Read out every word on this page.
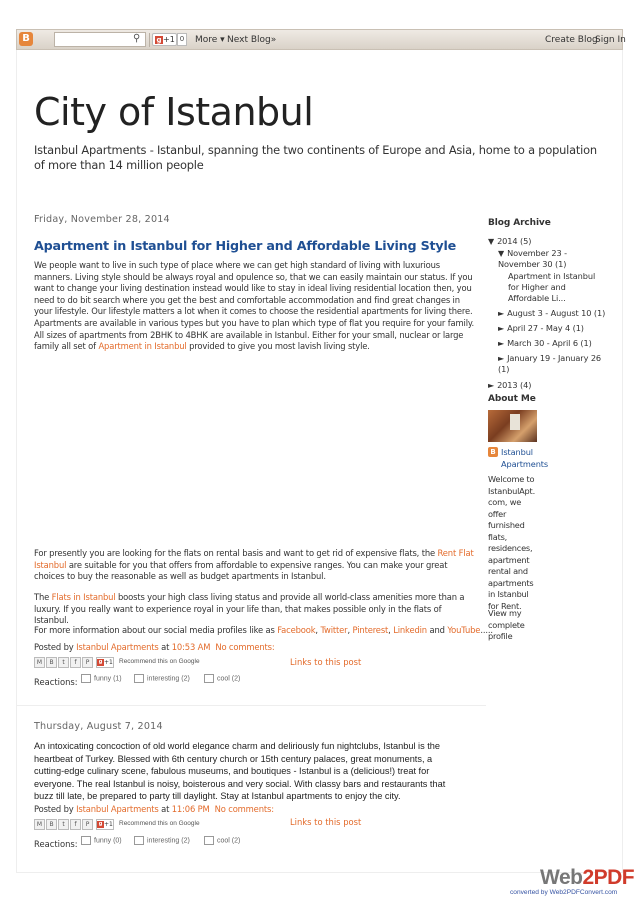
B	⚲	g +1 0	More ▾ Next Blog»	Create Blog
Sign In
City of Istanbul
Istanbul Apartments - Istanbul, spanning the two continents of Europe and Asia, home to a population of more than 14 million people
Friday, November 28, 2014
Apartment in Istanbul for Higher and Affordable Living Style
We people want to live in such type of place where we can get high standard of living with luxurious manners. Living style should be always royal and opulence so, that we can easily maintain our status. If you want to change your living destination instead would like to stay in ideal living residential location then, you need to do bit search where you get the best and comfortable accommodation and find great changes in your lifestyle. Our lifestyle matters a lot when it comes to choose the residential apartments for living there. Apartments are available in various types but you have to plan which type of flat you require for your family. All sizes of apartments from 2BHK to 4BHK are available in Istanbul. Either for your small, nuclear or large family all set of Apartment in Istanbul provided to give you most lavish living style.
For presently you are looking for the flats on rental basis and want to get rid of expensive flats, the Rent Flat Istanbul are suitable for you that offers from affordable to expensive ranges. You can make your great choices to buy the reasonable as well as budget apartments in Istanbul.
The Flats in Istanbul boosts your high class living status and provide all world-class amenities more than a luxury. If you really want to experience royal in your life than, that makes possible only in the flats of Istanbul.
For more information about our social media profiles like as Facebook, Twitter, Pinterest, Linkedin and YouTube.....
Posted by Istanbul Apartments at 10:53 AM No comments:
M	B	t	f	P	g +1 Recommend this on Google	Links to this post
Reactions:	funny (1)	interesting (2)	cool (2)
Thursday, August 7, 2014
An intoxicating concoction of old world elegance charm and deliriously fun nightclubs, Istanbul is the heartbeat of Turkey. Blessed with 6th century church or 15th century palaces, great monuments, a cutting-edge culinary scene, fabulous museums, and boutiques - Istanbul is a (delicious!) treat for everyone. The real Istanbul is noisy, boisterous and very social. With classy bars and restaurants that buzz till late, be prepared to party till daylight. Stay at Istanbul apartments to enjoy the city.
Posted by Istanbul Apartments at 11:06 PM No comments:
M	B	t	f	P	g +1 Recommend this on Google	Links to this post
Reactions:	funny (0)	interesting (2)	cool (2)
Blog Archive
▼ 2014 (5)
▼ November 23 - November 30 (1)
Apartment in Istanbul for Higher and Affordable Li...
► August 3 - August 10 (1)
► April 27 - May 4 (1)
► March 30 - April 6 (1)
► January 19 - January 26 (1)
► 2013 (4)
About Me
B Istanbul Apartments
Welcome to IstanbulApt. com, we offer furnished flats, residences, apartment rental and apartments in Istanbul for Rent.
View my complete profile
Web2PDF
converted by Web2PDFConvert.com
